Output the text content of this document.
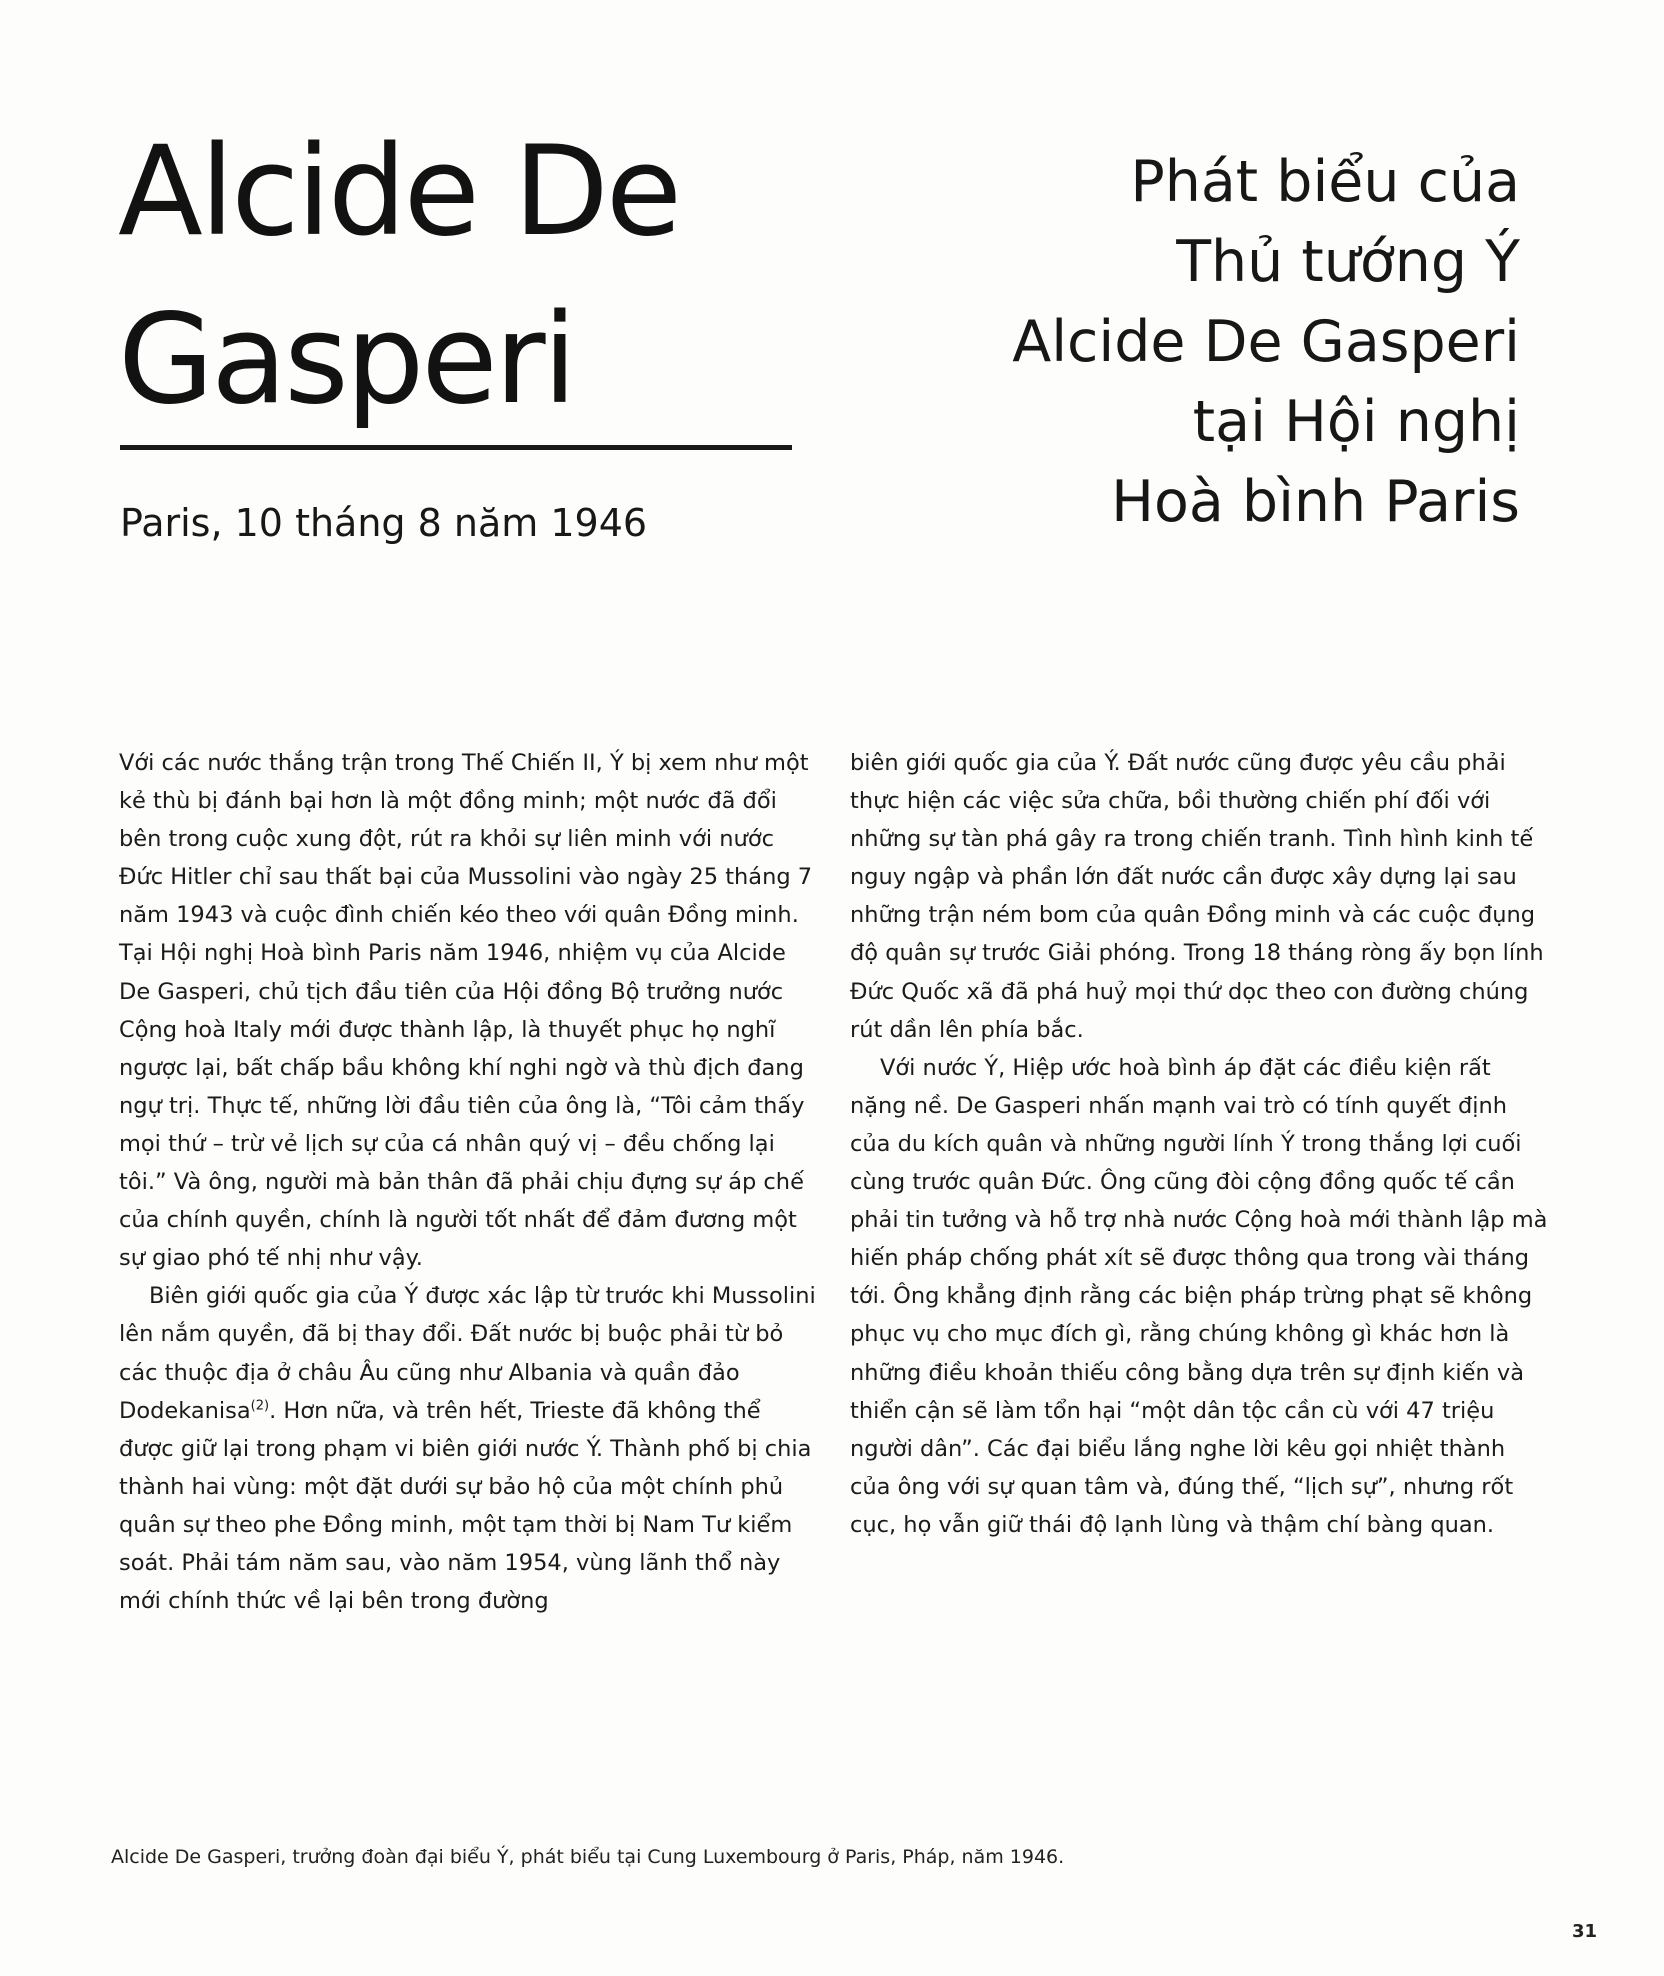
Alcide De
Gasperi

Paris, 10 tháng 8 năm 1946

Phát biểu của
Thủ tướng Ý
Alcide De Gasperi
tại Hội nghị
Hoà bình Paris

Với các nước thắng trận trong Thế Chiến II, Ý bị xem như một kẻ thù bị đánh bại hơn là một đồng minh; một nước đã đổi bên trong cuộc xung đột, rút ra khỏi sự liên minh với nước Đức Hitler chỉ sau thất bại của Mussolini vào ngày 25 tháng 7 năm 1943 và cuộc đình chiến kéo theo với quân Đồng minh. Tại Hội nghị Hoà bình Paris năm 1946, nhiệm vụ của Alcide De Gasperi, chủ tịch đầu tiên của Hội đồng Bộ trưởng nước Cộng hoà Italy mới được thành lập, là thuyết phục họ nghĩ ngược lại, bất chấp bầu không khí nghi ngờ và thù địch đang ngự trị. Thực tế, những lời đầu tiên của ông là, “Tôi cảm thấy mọi thứ – trừ vẻ lịch sự của cá nhân quý vị – đều chống lại tôi.” Và ông, người mà bản thân đã phải chịu đựng sự áp chế của chính quyền, chính là người tốt nhất để đảm đương một sự giao phó tế nhị như vậy.

Biên giới quốc gia của Ý được xác lập từ trước khi Mussolini lên nắm quyền, đã bị thay đổi. Đất nước bị buộc phải từ bỏ các thuộc địa ở châu Âu cũng như Albania và quần đảo Dodekanisa$^{(2)}$. Hơn nữa, và trên hết, Trieste đã không thể được giữ lại trong phạm vi biên giới nước Ý. Thành phố bị chia thành hai vùng: một đặt dưới sự bảo hộ của một chính phủ quân sự theo phe Đồng minh, một tạm thời bị Nam Tư kiểm soát. Phải tám năm sau, vào năm 1954, vùng lãnh thổ này mới chính thức về lại bên trong đường

biên giới quốc gia của Ý. Đất nước cũng được yêu cầu phải thực hiện các việc sửa chữa, bồi thường chiến phí đối với những sự tàn phá gây ra trong chiến tranh. Tình hình kinh tế nguy ngập và phần lớn đất nước cần được xây dựng lại sau những trận ném bom của quân Đồng minh và các cuộc đụng độ quân sự trước Giải phóng. Trong 18 tháng ròng ấy bọn lính Đức Quốc xã đã phá huỷ mọi thứ dọc theo con đường chúng rút dần lên phía bắc.

Với nước Ý, Hiệp ước hoà bình áp đặt các điều kiện rất nặng nề. De Gasperi nhấn mạnh vai trò có tính quyết định của du kích quân và những người lính Ý trong thắng lợi cuối cùng trước quân Đức. Ông cũng đòi cộng đồng quốc tế cần phải tin tưởng và hỗ trợ nhà nước Cộng hoà mới thành lập mà hiến pháp chống phát xít sẽ được thông qua trong vài tháng tới. Ông khẳng định rằng các biện pháp trừng phạt sẽ không phục vụ cho mục đích gì, rằng chúng không gì khác hơn là những điều khoản thiếu công bằng dựa trên sự định kiến và thiển cận sẽ làm tổn hại “một dân tộc cần cù với 47 triệu người dân”. Các đại biểu lắng nghe lời kêu gọi nhiệt thành của ông với sự quan tâm và, đúng thế, “lịch sự”, nhưng rốt cục, họ vẫn giữ thái độ lạnh lùng và thậm chí bàng quan.

Alcide De Gasperi, trưởng đoàn đại biểu Ý, phát biểu tại Cung Luxembourg ở Paris, Pháp, năm 1946.

31
